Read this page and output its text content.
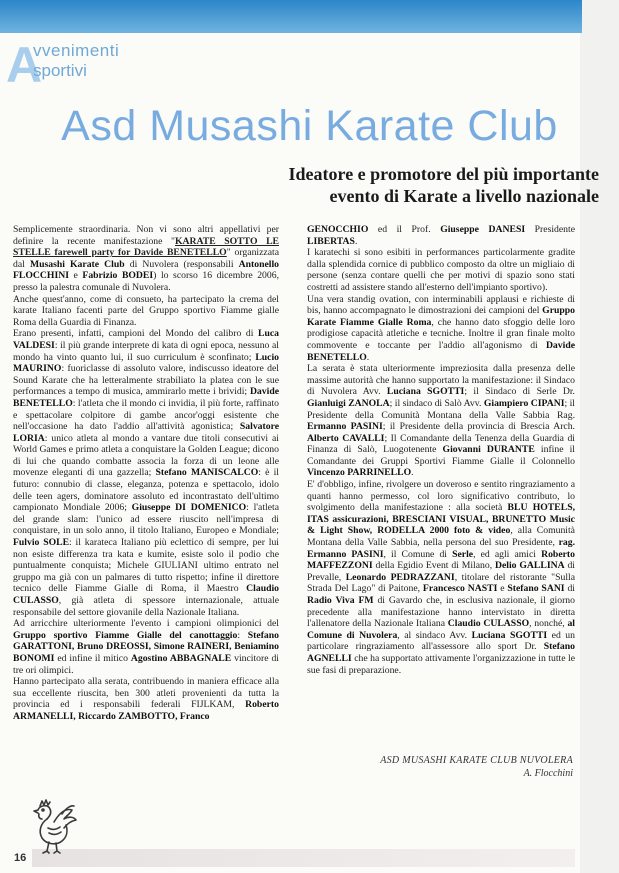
A
vvenimenti
sportivi
Asd Musashi Karate Club
Ideatore e promotore del più importante
evento di Karate a livello nazionale

Semplicemente straordinaria. Non vi sono altri appellativi per definire la recente manifestazione "KARATE SOTTO LE STELLE farewell party for Davide BENETELLO" organizzata dal Musashi Karate Club di Nuvolera (responsabili Antonello FLOCCHINI e Fabrizio BODEI) lo scorso 16 dicembre 2006, presso la palestra comunale di Nuvolera.

Anche quest'anno, come di consueto, ha partecipato la crema del karate Italiano facenti parte del Gruppo sportivo Fiamme gialle Roma della Guardia di Finanza.

Erano presenti, infatti, campioni del Mondo del calibro di Luca VALDESI: il più grande interprete di kata di ogni epoca, nessuno al mondo ha vinto quanto lui, il suo curriculum è sconfinato; Lucio MAURINO: fuoriclasse di assoluto valore, indiscusso ideatore del Sound Karate che ha letteralmente strabiliato la platea con le sue performances a tempo di musica, ammirarlo mette i brividi; Davide BENETELLO: l'atleta che il mondo ci invidia, il più forte, raffinato e spettacolare colpitore di gambe ancor'oggi esistente che nell'occasione ha dato l'addio all'attività agonistica; Salvatore LORIA: unico atleta al mondo a vantare due titoli consecutivi ai World Games e primo atleta a conquistare la Golden League; dicono di lui che quando combatte associa la forza di un leone alle movenze eleganti di una gazzella; Stefano MANISCALCO: è il futuro: connubio di classe, eleganza, potenza e spettacolo, idolo delle teen agers, dominatore assoluto ed incontrastato dell'ultimo campionato Mondiale 2006; Giuseppe DI DOMENICO: l'atleta del grande slam: l'unico ad essere riuscito nell'impresa di conquistare, in un solo anno, il titolo Italiano, Europeo e Mondiale; Fulvio SOLE: il karateca Italiano più eclettico di sempre, per lui non esiste differenza tra kata e kumite, esiste solo il podio che puntualmente conquista; Michele GIULIANI ultimo entrato nel gruppo ma già con un palmares di tutto rispetto; infine il direttore tecnico delle Fiamme Gialle di Roma, il Maestro Claudio CULASSO, già atleta di spessore internazionale, attuale responsabile del settore giovanile della Nazionale Italiana.

Ad arricchire ulteriormente l'evento i campioni olimpionici del Gruppo sportivo Fiamme Gialle del canottaggio: Stefano GARATTONI, Bruno DREOSSI, Simone RAINERI, Beniamino BONOMI ed infine il mitico Agostino ABBAGNALE vincitore di tre ori olimpici.

Hanno partecipato alla serata, contribuendo in maniera efficace alla sua eccellente riuscita, ben 300 atleti provenienti da tutta la provincia ed i responsabili federali FIJLKAM, Roberto ARMANELLI, Riccardo ZAMBOTTO, Franco

GENOCCHIO ed il Prof. Giuseppe DANESI Presidente LIBERTAS.

I karatechi si sono esibiti in performances particolarmente gradite dalla splendida cornice di pubblico composto da oltre un migliaio di persone (senza contare quelli che per motivi di spazio sono stati costretti ad assistere stando all'esterno dell'impianto sportivo).

Una vera standig ovation, con interminabili applausi e richieste di bis, hanno accompagnato le dimostrazioni dei campioni del Gruppo Karate Fiamme Gialle Roma, che hanno dato sfoggio delle loro prodigiose capacità atletiche e tecniche. Inoltre il gran finale molto commovente e toccante per l'addio all'agonismo di Davide BENETELLO.

La serata è stata ulteriormente impreziosita dalla presenza delle massime autorità che hanno supportato la manifestazione: il Sindaco di Nuvolera Avv. Luciana SGOTTI; il Sindaco di Serle Dr. Gianluigi ZANOLA; il sindaco di Salò Avv. Giampiero CIPANI; il Presidente della Comunità Montana della Valle Sabbia Rag. Ermanno PASINI; il Presidente della provincia di Brescia Arch. Alberto CAVALLI; Il Comandante della Tenenza della Guardia di Finanza di Salò, Luogotenente Giovanni DURANTE infine il Comandante dei Gruppi Sportivi Fiamme Gialle il Colonnello Vincenzo PARRINELLO.

E' d'obbligo, infine, rivolgere un doveroso e sentito ringraziamento a quanti hanno permesso, col loro significativo contributo, lo svolgimento della manifestazione : alla società BLU HOTELS, ITAS assicurazioni, BRESCIANI VISUAL, BRUNETTO Music & Light Show, RODELLA 2000 foto & video, alla Comunità Montana della Valle Sabbia, nella persona del suo Presidente, rag. Ermanno PASINI, il Comune di Serle, ed agli amici Roberto MAFFEZZONI della Egidio Event di Milano, Delio GALLINA di Prevalle, Leonardo PEDRAZZANI, titolare del ristorante "Sulla Strada Del Lago" di Paitone, Francesco NASTI e Stefano SANI di Radio Viva FM di Gavardo che, in esclusiva nazionale, il giorno precedente alla manifestazione hanno intervistato in diretta l'allenatore della Nazionale Italiana Claudio CULASSO, nonché, al Comune di Nuvolera, al sindaco Avv. Luciana SGOTTI ed un particolare ringraziamento all'assessore allo sport Dr. Stefano AGNELLI che ha supportato attivamente l'organizzazione in tutte le sue fasi di preparazione.

ASD MUSASHI KARATE CLUB NUVOLERA
A. Flocchini
16
